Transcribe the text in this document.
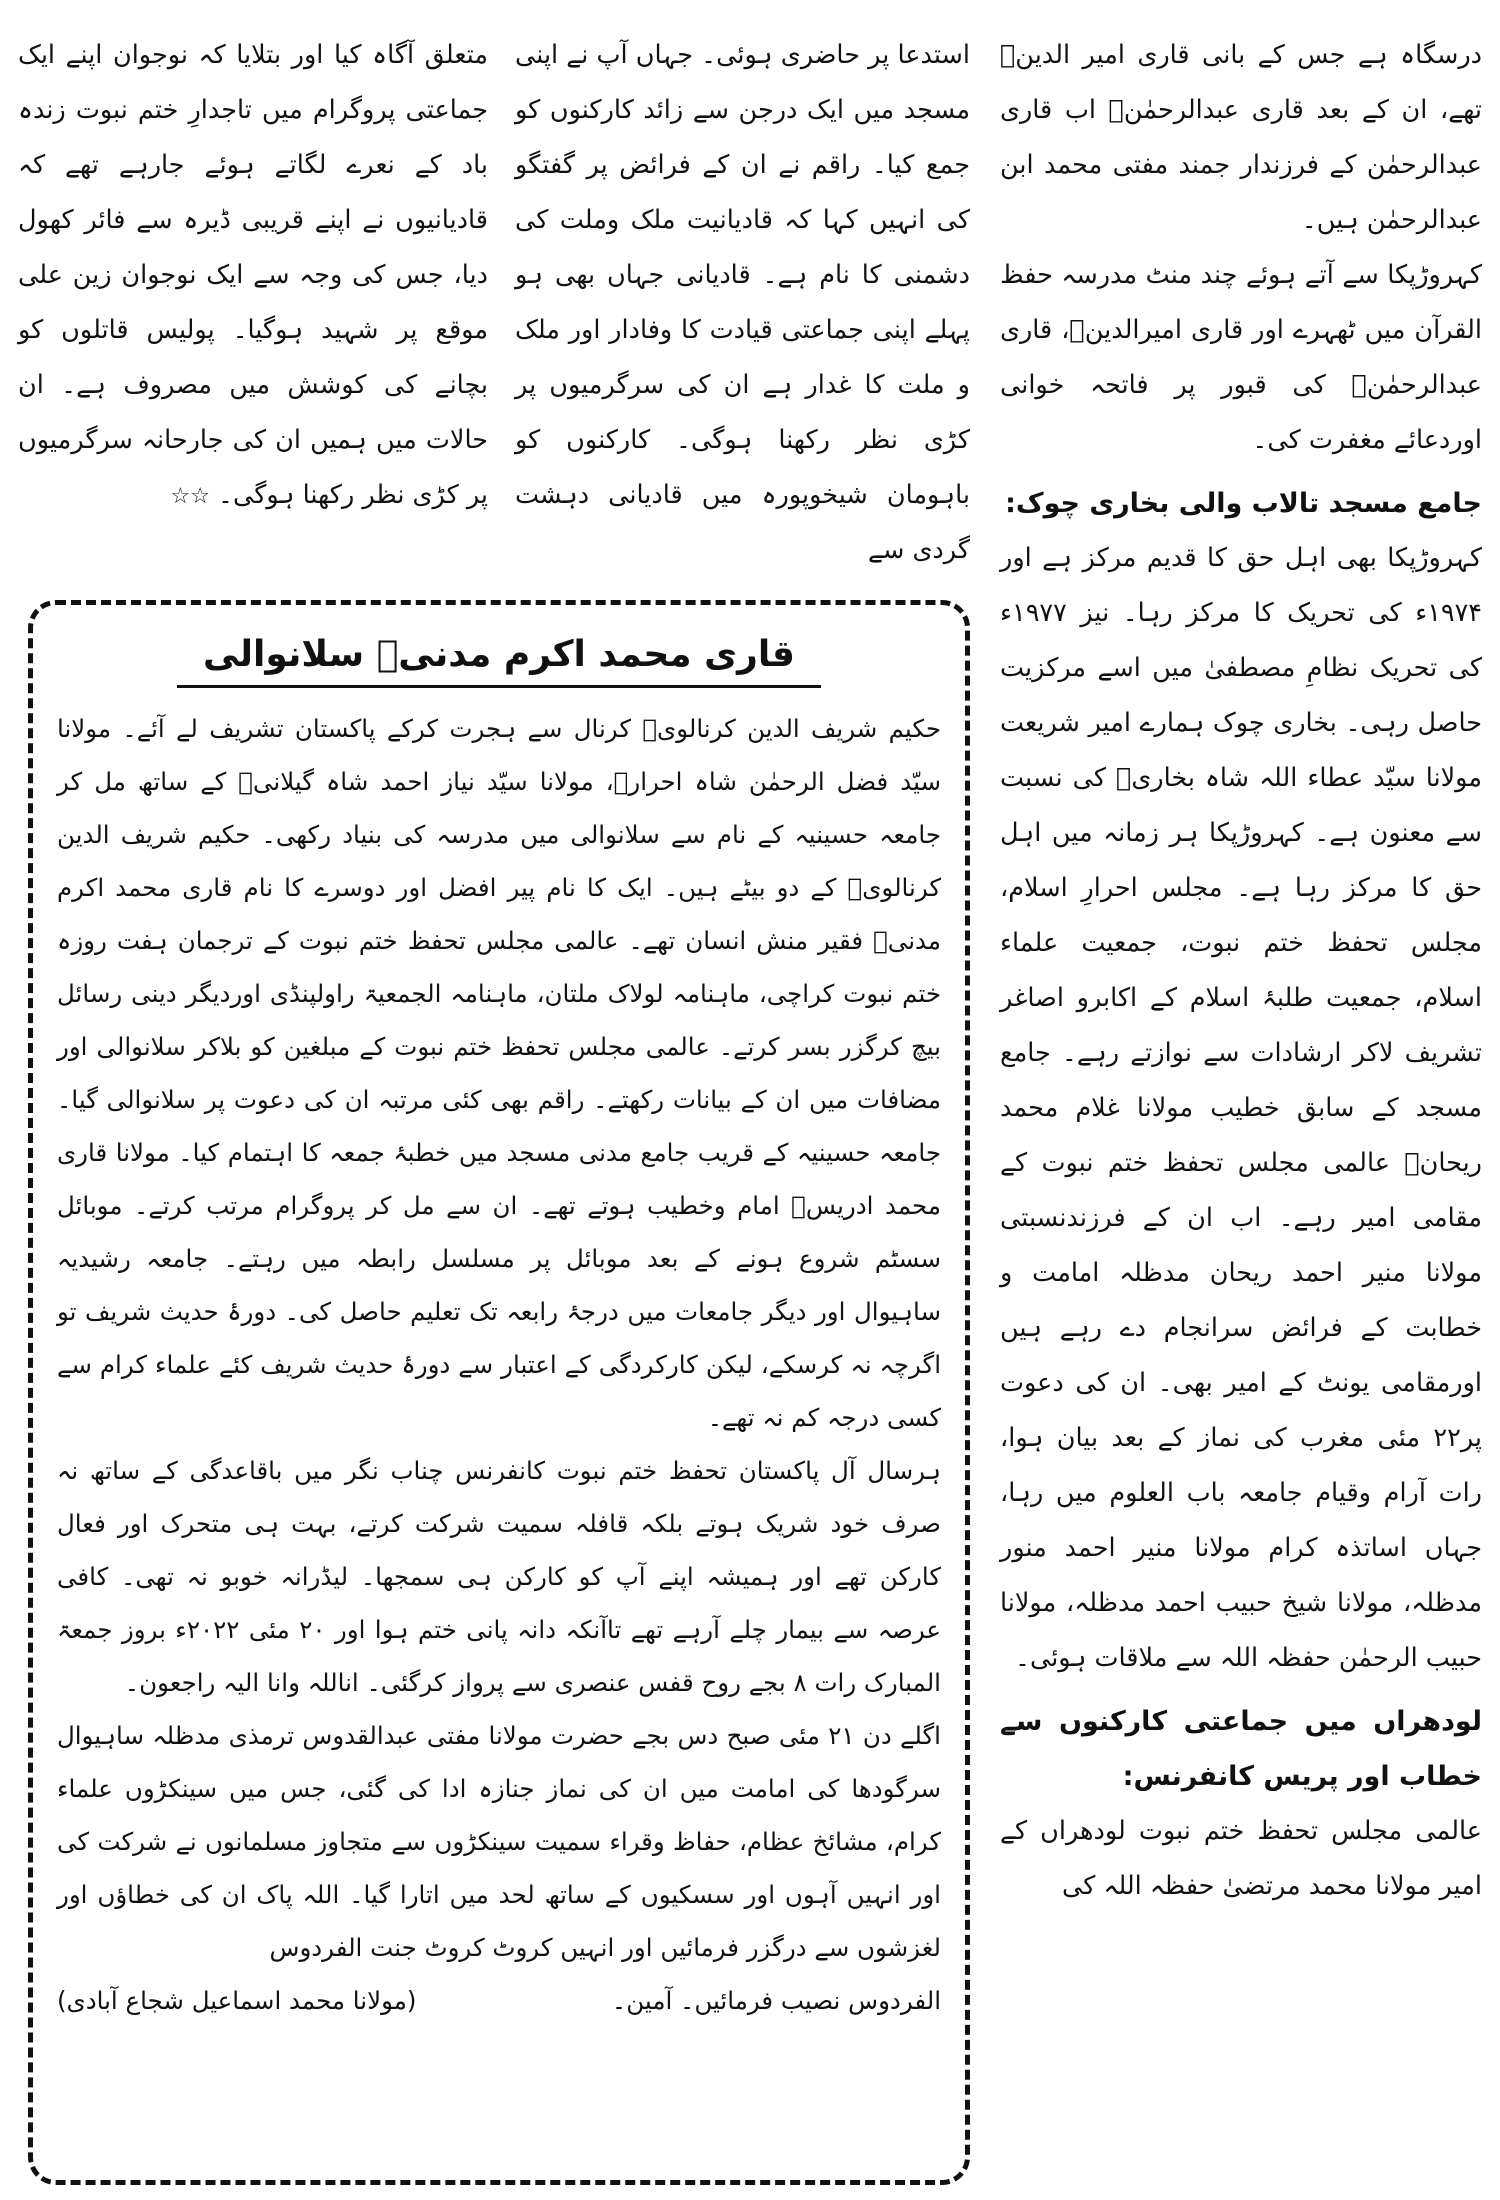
درسگاہ ہے جس کے بانی قاری امیر الدینؒ تھے، ان کے بعد قاری عبدالرحمٰنؒ اب قاری عبدالرحمٰن کے فرزندار جمند مفتی محمد ابن عبدالرحمٰن ہیں۔

کہروڑپکا سے آتے ہوئے چند منٹ مدرسہ حفظ القرآن میں ٹھہرے اور قاری امیرالدینؒ، قاری عبدالرحمٰنؒ کی قبور پر فاتحہ خوانی اوردعائے مغفرت کی۔

جامع مسجد تالاب والی بخاری چوک:

کہروڑپکا بھی اہل حق کا قدیم مرکز ہے اور ۱۹۷۴ء کی تحریک کا مرکز رہا۔ نیز ۱۹۷۷ء کی تحریک نظامِ مصطفیٰ میں اسے مرکزیت حاصل رہی۔ بخاری چوک ہمارے امیر شریعت مولانا سیّد عطاء اللہ شاہ بخاریؒ کی نسبت سے معنون ہے۔ کہروڑپکا ہر زمانہ میں اہل حق کا مرکز رہا ہے۔ مجلس احرارِ اسلام، مجلس تحفظ ختم نبوت، جمعیت علماء اسلام، جمعیت طلبۂ اسلام کے اکابرو اصاغر تشریف لاکر ارشادات سے نوازتے رہے۔ جامع مسجد کے سابق خطیب مولانا غلام محمد ریحانؒ عالمی مجلس تحفظ ختم نبوت کے مقامی امیر رہے۔ اب ان کے فرزندنسبتی مولانا منیر احمد ریحان مدظلہ امامت و خطابت کے فرائض سرانجام دے رہے ہیں اورمقامی یونٹ کے امیر بھی۔ ان کی دعوت پر۲۲ مئی مغرب کی نماز کے بعد بیان ہوا، رات آرام وقیام جامعہ باب العلوم میں رہا، جہاں اساتذہ کرام مولانا منیر احمد منور مدظلہ، مولانا شیخ حبیب احمد مدظلہ، مولانا حبیب الرحمٰن حفظہ اللہ سے ملاقات ہوئی۔

لودھراں میں جماعتی کارکنوں سے خطاب اور پریس کانفرنس:

عالمی مجلس تحفظ ختم نبوت لودھراں کے امیر مولانا محمد مرتضیٰ حفظہ اللہ کی

استدعا پر حاضری ہوئی۔ جہاں آپ نے اپنی مسجد میں ایک درجن سے زائد کارکنوں کو جمع کیا۔ راقم نے ان کے فرائض پر گفتگو کی انہیں کہا کہ قادیانیت ملک وملت کی دشمنی کا نام ہے۔ قادیانی جہاں بھی ہو پہلے اپنی جماعتی قیادت کا وفادار اور ملک و ملت کا غدار ہے ان کی سرگرمیوں پر کڑی نظر رکھنا ہوگی۔ کارکنوں کو باہومان شیخوپورہ میں قادیانی دہشت گردی سے

متعلق آگاہ کیا اور بتلایا کہ نوجوان اپنے ایک جماعتی پروگرام میں تاجدارِ ختم نبوت زندہ باد کے نعرے لگاتے ہوئے جارہے تھے کہ قادیانیوں نے اپنے قریبی ڈیرہ سے فائر کھول دیا، جس کی وجہ سے ایک نوجوان زین علی موقع پر شہید ہوگیا۔ پولیس قاتلوں کو بچانے کی کوشش میں مصروف ہے۔ ان حالات میں ہمیں ان کی جارحانہ سرگرمیوں پر کڑی نظر رکھنا ہوگی۔ ☆☆

قاری محمد اکرم مدنیؒ سلانوالی

حکیم شریف الدین کرنالویؒ کرنال سے ہجرت کرکے پاکستان تشریف لے آئے۔ مولانا سیّد فضل الرحمٰن شاہ احرارؒ، مولانا سیّد نیاز احمد شاہ گیلانیؒ کے ساتھ مل کر جامعہ حسینیہ کے نام سے سلانوالی میں مدرسہ کی بنیاد رکھی۔ حکیم شریف الدین کرنالویؒ کے دو بیٹے ہیں۔ ایک کا نام پیر افضل اور دوسرے کا نام قاری محمد اکرم مدنیؒ فقیر منش انسان تھے۔ عالمی مجلس تحفظ ختم نبوت کے ترجمان ہفت روزہ ختم نبوت کراچی، ماہنامہ لولاک ملتان، ماہنامہ الجمعیۃ راولپنڈی اوردیگر دینی رسائل بیچ کرگزر بسر کرتے۔ عالمی مجلس تحفظ ختم نبوت کے مبلغین کو بلاکر سلانوالی اور مضافات میں ان کے بیانات رکھتے۔ راقم بھی کئی مرتبہ ان کی دعوت پر سلانوالی گیا۔ جامعہ حسینیہ کے قریب جامع مدنی مسجد میں خطبۂ جمعہ کا اہتمام کیا۔ مولانا قاری محمد ادریسؒ امام وخطیب ہوتے تھے۔ ان سے مل کر پروگرام مرتب کرتے۔ موبائل سسٹم شروع ہونے کے بعد موبائل پر مسلسل رابطہ میں رہتے۔ جامعہ رشیدیہ ساہیوال اور دیگر جامعات میں درجۂ رابعہ تک تعلیم حاصل کی۔ دورۂ حدیث شریف تو اگرچہ نہ کرسکے، لیکن کارکردگی کے اعتبار سے دورۂ حدیث شریف کئے علماء کرام سے کسی درجہ کم نہ تھے۔

ہرسال آل پاکستان تحفظ ختم نبوت کانفرنس چناب نگر میں باقاعدگی کے ساتھ نہ صرف خود شریک ہوتے بلکہ قافلہ سمیت شرکت کرتے، بہت ہی متحرک اور فعال کارکن تھے اور ہمیشہ اپنے آپ کو کارکن ہی سمجھا۔ لیڈرانہ خوبو نہ تھی۔ کافی عرصہ سے بیمار چلے آرہے تھے تاآنکہ دانہ پانی ختم ہوا اور ۲۰ مئی ۲۰۲۲ء بروز جمعۃ المبارک رات ۸ بجے روح قفس عنصری سے پرواز کرگئی۔ اناللہ وانا الیہ راجعون۔

اگلے دن ۲۱ مئی صبح دس بجے حضرت مولانا مفتی عبدالقدوس ترمذی مدظلہ ساہیوال سرگودھا کی امامت میں ان کی نماز جنازہ ادا کی گئی، جس میں سینکڑوں علماء کرام، مشائخ عظام، حفاظ وقراء سمیت سینکڑوں سے متجاوز مسلمانوں نے شرکت کی اور انہیں آہوں اور سسکیوں کے ساتھ لحد میں اتارا گیا۔ اللہ پاک ان کی خطاؤں اور لغزشوں سے درگزر فرمائیں اور انہیں کروٹ کروٹ جنت الفردوس

الفردوس نصیب فرمائیں۔ آمین۔
(مولانا محمد اسماعیل شجاع آبادی)
